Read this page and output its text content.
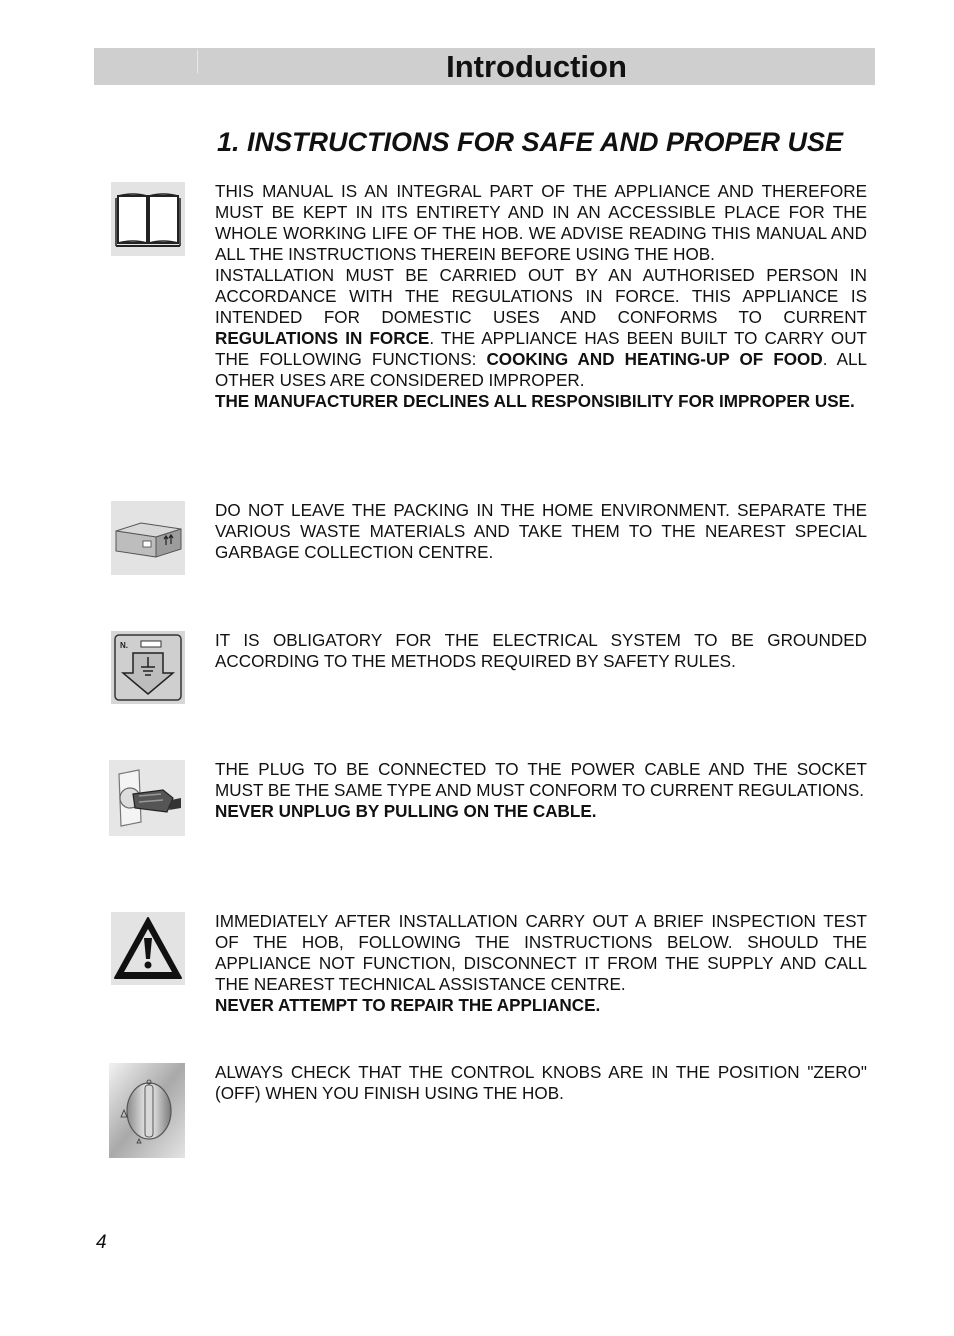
Introduction
1. INSTRUCTIONS FOR SAFE AND PROPER USE

THIS MANUAL IS AN INTEGRAL PART OF THE APPLIANCE AND THEREFORE MUST BE KEPT IN ITS ENTIRETY AND IN AN ACCESSIBLE PLACE FOR THE WHOLE WORKING LIFE OF THE HOB. WE ADVISE READING THIS MANUAL AND ALL THE INSTRUCTIONS THEREIN BEFORE USING THE HOB.

INSTALLATION MUST BE CARRIED OUT BY AN AUTHORISED PERSON IN ACCORDANCE WITH THE REGULATIONS IN FORCE. THIS APPLIANCE IS INTENDED FOR DOMESTIC USES AND CONFORMS TO CURRENT REGULATIONS IN FORCE. THE APPLIANCE HAS BEEN BUILT TO CARRY OUT THE FOLLOWING FUNCTIONS: COOKING AND HEATING-UP OF FOOD. ALL OTHER USES ARE CONSIDERED IMPROPER.

THE MANUFACTURER DECLINES ALL RESPONSIBILITY FOR IMPROPER USE.

DO NOT LEAVE THE PACKING IN THE HOME ENVIRONMENT. SEPARATE THE VARIOUS WASTE MATERIALS AND TAKE THEM TO THE NEAREST SPECIAL GARBAGE COLLECTION CENTRE.

N.	IT IS OBLIGATORY FOR THE ELECTRICAL SYSTEM TO BE GROUNDED ACCORDING TO THE METHODS REQUIRED BY SAFETY RULES.

THE PLUG TO BE CONNECTED TO THE POWER CABLE AND THE SOCKET MUST BE THE SAME TYPE AND MUST CONFORM TO CURRENT REGULATIONS.

NEVER UNPLUG BY PULLING ON THE CABLE.

IMMEDIATELY AFTER INSTALLATION CARRY OUT A BRIEF INSPECTION TEST OF THE HOB, FOLLOWING THE INSTRUCTIONS BELOW. SHOULD THE APPLIANCE NOT FUNCTION, DISCONNECT IT FROM THE SUPPLY AND CALL THE NEAREST TECHNICAL ASSISTANCE CENTRE.

NEVER ATTEMPT TO REPAIR THE APPLIANCE.

ALWAYS CHECK THAT THE CONTROL KNOBS ARE IN THE POSITION "ZERO" (OFF) WHEN YOU FINISH USING THE HOB.

4
